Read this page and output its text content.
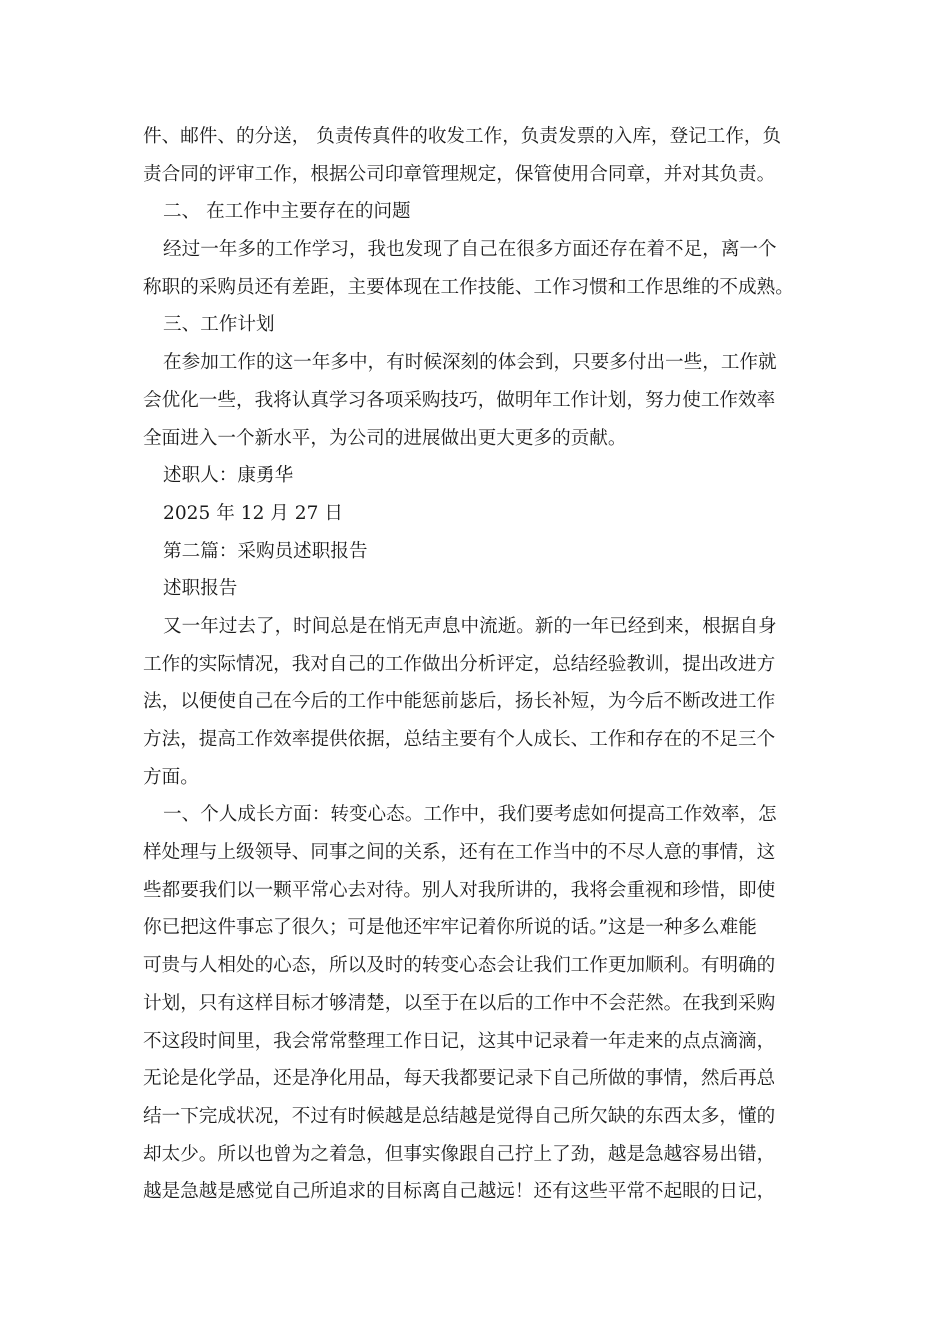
件、邮件、的分送， 负责传真件的收发工作，负责发票的入库，登记工作，负
责合同的评审工作，根据公司印章管理规定，保管使用合同章，并对其负责。
二、 在工作中主要存在的问题
经过一年多的工作学习，我也发现了自己在很多方面还存在着不足，离一个
称职的采购员还有差距，主要体现在工作技能、工作习惯和工作思维的不成熟。
三、工作计划
在参加工作的这一年多中，有时候深刻的体会到，只要多付出一些，工作就
会优化一些，我将认真学习各项采购技巧，做明年工作计划，努力使工作效率
全面进入一个新水平，为公司的进展做出更大更多的贡献。
述职人：康勇华
2025 年 12 月 27 日
第二篇：采购员述职报告
述职报告
又一年过去了，时间总是在悄无声息中流逝。新的一年已经到来，根据自身
工作的实际情况，我对自己的工作做出分析评定，总结经验教训，提出改进方
法，以便使自己在今后的工作中能惩前毖后，扬长补短，为今后不断改进工作
方法，提高工作效率提供依据，总结主要有个人成长、工作和存在的不足三个
方面。
一、个人成长方面：转变心态。工作中，我们要考虑如何提高工作效率，怎
样处理与上级领导、同事之间的关系，还有在工作当中的不尽人意的事情，这
些都要我们以一颗平常心去对待。别人对我所讲的，我将会重视和珍惜，即使
你已把这件事忘了很久；可是他还牢牢记着你所说的话。”这是一种多么难能
可贵与人相处的心态，所以及时的转变心态会让我们工作更加顺利。有明确的
计划，只有这样目标才够清楚，以至于在以后的工作中不会茫然。在我到采购
不这段时间里，我会常常整理工作日记，这其中记录着一年走来的点点滴滴，
无论是化学品，还是净化用品，每天我都要记录下自己所做的事情，然后再总
结一下完成状况，不过有时候越是总结越是觉得自己所欠缺的东西太多，懂的
却太少。所以也曾为之着急，但事实像跟自己拧上了劲，越是急越容易出错，
越是急越是感觉自己所追求的目标离自己越远！还有这些平常不起眼的日记，
